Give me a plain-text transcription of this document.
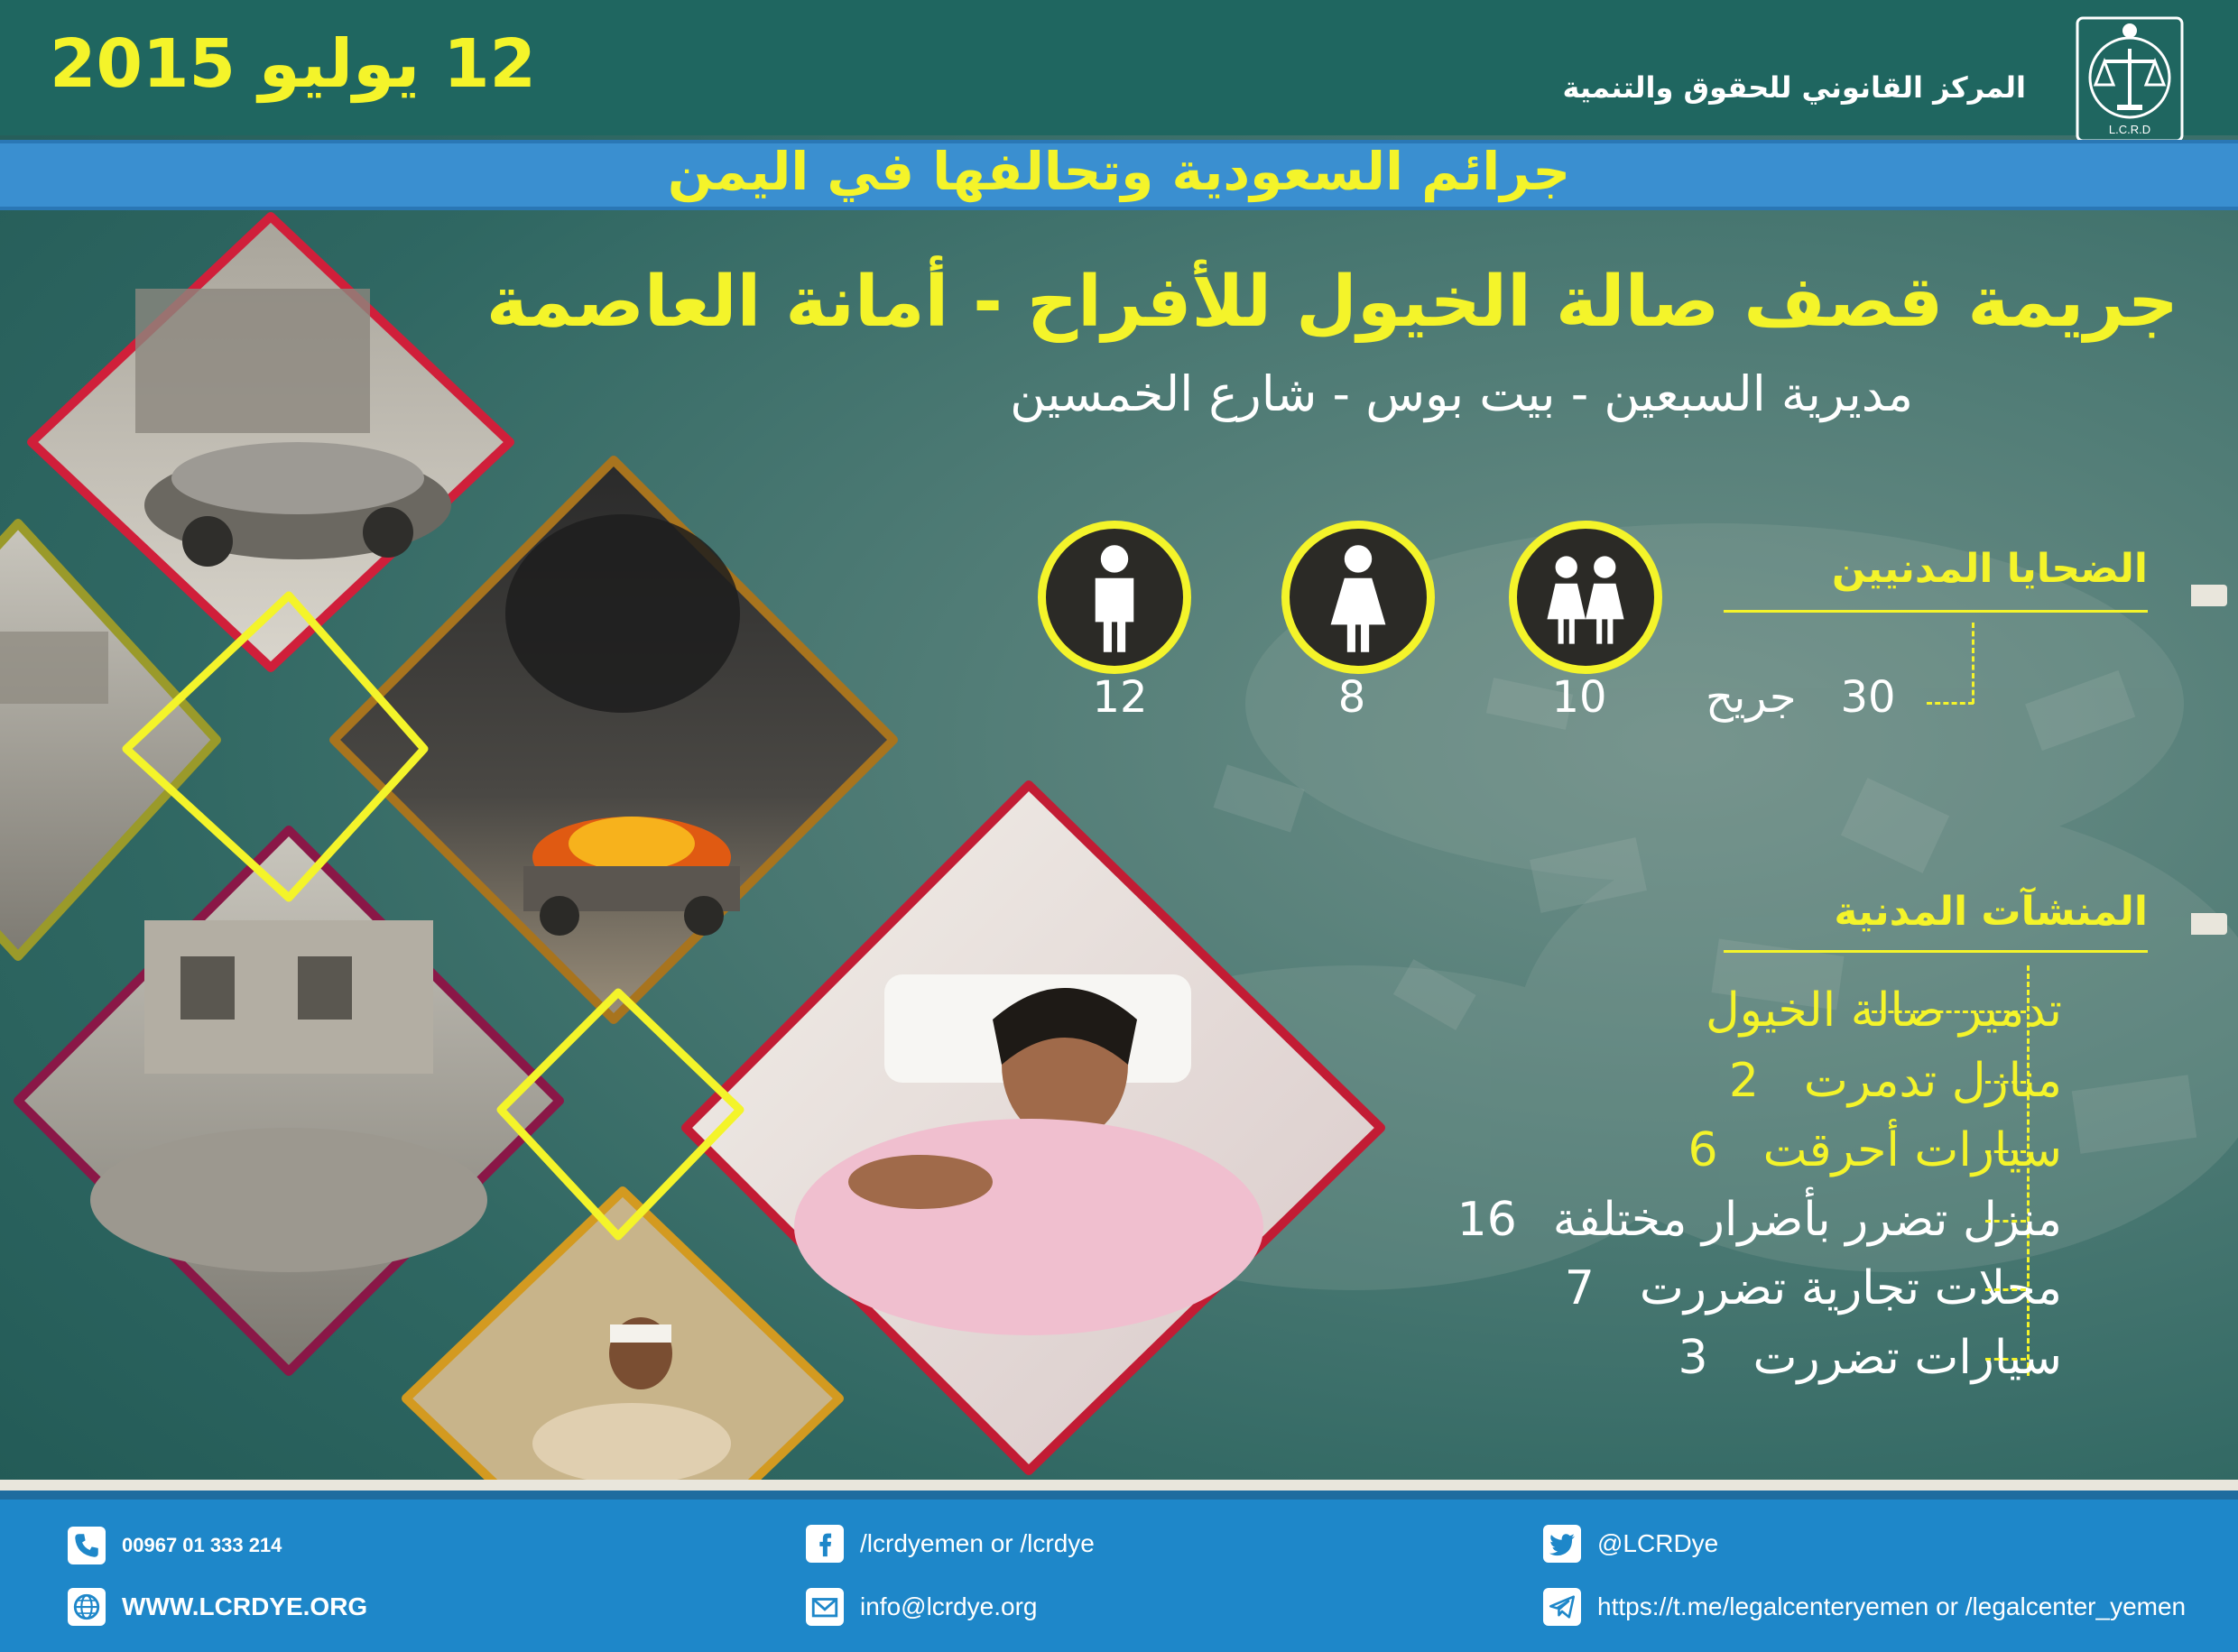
12 يوليو 2015	المركز القانوني للحقوق والتنمية
L.C.R.D
جرائم السعودية وتحالفها في اليمن
جريمة قصف صالة الخيول للأفراح - أمانة العاصمة
مديرية السبعين - بيت بوس - شارع الخمسين
الضحايا المدنيين
12	8	10	30
جريح
المنشآت المدنية
تدمير صالة الخيول
منازل تدمرت2
سيارات أحرقت6
منزل تضرر بأضرار مختلفة16
محلات تجارية تضررت7
سيارات تضررت3
00967 01 333 214
WWW.LCRDYE.ORG
/lcrdyemen or /lcrdye
info@lcrdye.org
@LCRDye
https://t.me/legalcenteryemen or /legalcenter_yemen
